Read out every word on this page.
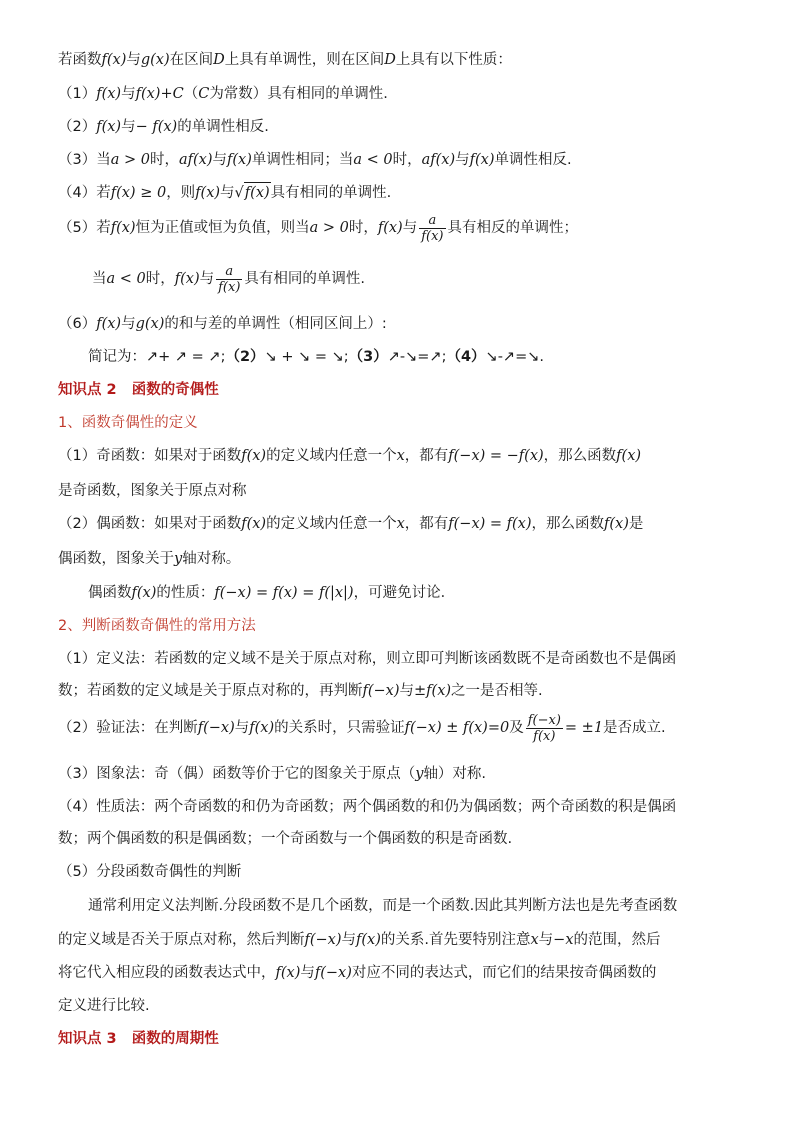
若函数f(x)与g(x)在区间D上具有单调性，则在区间D上具有以下性质：
（1）f(x)与f(x)+C（C为常数）具有相同的单调性.
（2）f(x)与− f(x)的单调性相反.
（3）当a > 0时，af(x)与f(x)单调性相同；当a < 0时，af(x)与f(x)单调性相反.
（4）若f(x) ≥ 0，则f(x)与√f(x)具有相同的单调性.
（5）若f(x)恒为正值或恒为负值，则当a > 0时，f(x)与 $\frac{a}{f(x)}$ 具有相反的单调性；
当a < 0时，f(x)与 $\frac{a}{f(x)}$ 具有相同的单调性.
（6）f(x)与g(x)的和与差的单调性（相同区间上）:
简记为：↗+ ↗ = ↗;（2）↘ + ↘ = ↘;（3）↗-↘=↗;（4）↘-↗=↘.
知识点 2 函数的奇偶性
1、函数奇偶性的定义
（1）奇函数：如果对于函数f(x)的定义域内任意一个x，都有f(−x) = −f(x)，那么函数f(x)
是奇函数，图象关于原点对称
（2）偶函数：如果对于函数f(x)的定义域内任意一个x，都有f(−x) = f(x)，那么函数f(x)是
偶函数，图象关于y轴对称。
偶函数f(x)的性质：f(−x) = f(x) = f(|x|)，可避免讨论．
2、判断函数奇偶性的常用方法
（1）定义法：若函数的定义域不是关于原点对称，则立即可判断该函数既不是奇函数也不是偶函
数；若函数的定义域是关于原点对称的，再判断f(−x)与±f(x)之一是否相等.
（2）验证法：在判断f(−x)与f(x)的关系时，只需验证f(−x) ± f(x)=0及 $\frac{f(-x)}{f(x)} = \pm 1$是否成立.
（3）图象法：奇（偶）函数等价于它的图象关于原点（y轴）对称.
（4）性质法：两个奇函数的和仍为奇函数；两个偶函数的和仍为偶函数；两个奇函数的积是偶函
数；两个偶函数的积是偶函数；一个奇函数与一个偶函数的积是奇函数.
（5）分段函数奇偶性的判断
通常利用定义法判断.分段函数不是几个函数，而是一个函数.因此其判断方法也是先考查函数
的定义域是否关于原点对称，然后判断f(−x)与f(x)的关系.首先要特别注意x与−x的范围，然后
将它代入相应段的函数表达式中，f(x)与f(−x)对应不同的表达式，而它们的结果按奇偶函数的
定义进行比较.
知识点 3 函数的周期性
